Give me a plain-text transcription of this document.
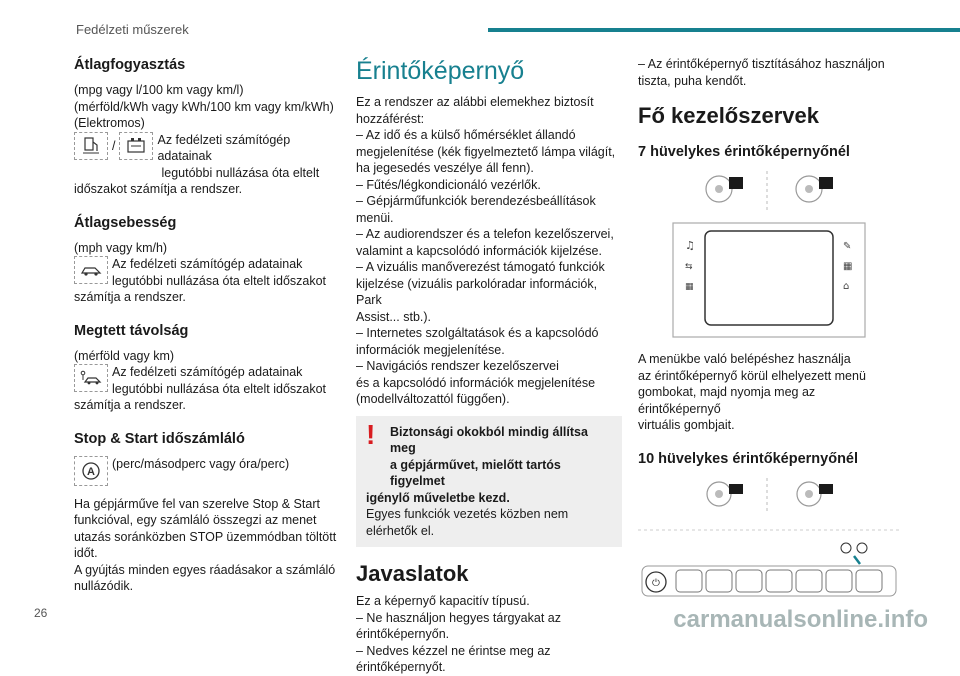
Fedélzeti műszerek
Átlagfogyasztás

(mpg vagy l/100 km vagy km/l)

(mérföld/kWh vagy kWh/100 km vagy km/kWh)

(Elektromos)

/	Az fedélzeti számítógép adatainak

legutóbbi nullázása óta eltelt

időszakot számítja a rendszer.

Átlagsebesség

(mph vagy km/h)

Az fedélzeti számítógép adatainak

legutóbbi nullázása óta eltelt időszakot

számítja a rendszer.

Megtett távolság

(mérföld vagy km)

Az fedélzeti számítógép adatainak

legutóbbi nullázása óta eltelt időszakot

számítja a rendszer.

Stop & Start időszámláló
A

(perc/másodperc vagy óra/perc)

Ha gépjárműve fel van szerelve Stop & Start

funkcióval, egy számláló összegzi az menet

utazás soránközben STOP üzemmódban töltött

időt.

A gyújtás minden egyes ráadásakor a számláló

nullázódik.

Érintőképernyő

Ez a rendszer az alábbi elemekhez biztosít

hozzáférést:

– Az idő és a külső hőmérséklet állandó

megjelenítése (kék figyelmeztető lámpa világít,

ha jegesedés veszélye áll fenn).

– Fűtés/légkondicionáló vezérlők.

– Gépjárműfunkciók berendezésbeállítások

menüi.

– Az audiorendszer és a telefon kezelőszervei,

valamint a kapcsolódó információk kijelzése.

– A vizuális manőverezést támogató funkciók

kijelzése (vizuális parkolóradar információk, Park

Assist... stb.).

– Internetes szolgáltatások és a kapcsolódó

információk megjelenítése.

– Navigációs rendszer kezelőszervei

és a kapcsolódó információk megjelenítése

(modellváltozattól függően).

!	Biztonsági okokból mindig állítsa meg

a gépjárművet, mielőtt tartós figyelmet

igénylő műveletbe kezd.

Egyes funkciók vezetés közben nem

elérhetők el.

Javaslatok

Ez a képernyő kapacitív típusú.

– Ne használjon hegyes tárgyakat az

érintőképernyőn.

– Nedves kézzel ne érintse meg az

érintőképernyőt.

– Az érintőképernyő tisztításához használjon

tiszta, puha kendőt.

Fő kezelőszervek
7 hüvelykes érintőképernyőnél
♫
⇆
▦
✎
▦
⌂

A menükbe való belépéshez használja

az érintőképernyő körül elhelyezett menü

gombokat, majd nyomja meg az érintőképernyő

virtuális gombjait.

10 hüvelykes érintőképernyőnél
⏻
26	carmanualsonline.info
